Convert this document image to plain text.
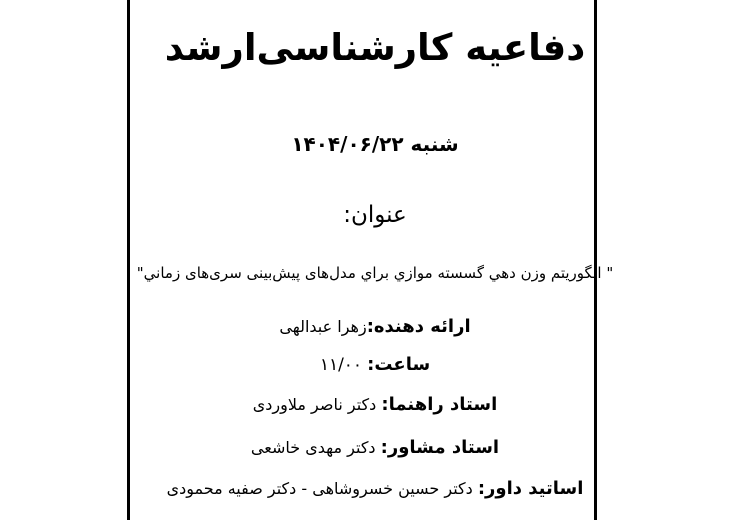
دفاعیه کارشناسی‌ارشد
شنبه ۱۴۰۴/۰۶/۲۲
عنوان:
" الگوریتم وزن دهي گسسته موازي براي مدل‌های پیش‌بینی سری‌های زماني"
ارائه دهنده:زهرا عبدالهی
ساعت: ۱۱/۰۰
استاد راهنما: دکتر ناصر ملاوردی
استاد مشاور: دکتر مهدی خاشعی
اساتید داور: دکتر حسین خسروشاهی - دکتر صفیه محمودی
